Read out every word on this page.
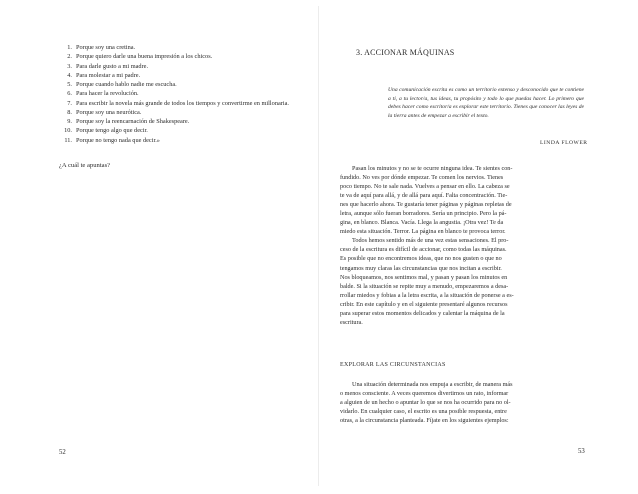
1. Porque soy una cretina.
2. Porque quiero darle una buena impresión a los chicos.
3. Para darle gusto a mi madre.
4. Para molestar a mi padre.
5. Porque cuando hablo nadie me escucha.
6. Para hacer la revolución.
7. Para escribir la novela más grande de todos los tiempos y convertirme en millonaria.
8. Porque soy una neurótica.
9. Porque soy la reencarnación de Shakespeare.
10. Porque tengo algo que decir.
11. Porque no tengo nada que decir.»
¿A cuál te apuntas?
52
3. ACCIONAR MÁQUINAS
Una comunicación escrita es como un territorio extenso y desconocido que te contiene a ti, a tu lector/a, tus ideas, tu propósito y todo lo que puedas hacer. Lo primero que debes hacer como escritor/a es explorar este territorio. Tienes que conocer las leyes de la tierra antes de empezar a escribir el texto.
LINDA FLOWER

Pasan los minutos y no se te ocurre ninguna idea. Te sientes con-
fundido. No ves por dónde empezar. Te comen los nervios. Tienes
poco tiempo. No te sale nada. Vuelves a pensar en ello. La cabeza se
te va de aquí para allá, y de allá para aquí. Falta concentración. Tie-
nes que hacerlo ahora. Te gustaría tener páginas y páginas repletas de
letra, aunque sólo fueran borradores. Sería un principio. Pero la pá-
gina, en blanco. Blanca. Vacía. Llega la angustia. ¡Otra vez! Te da
miedo esta situación. Terror. La página en blanco te provoca terror.
Todos hemos sentido más de una vez estas sensaciones. El pro-
ceso de la escritura es difícil de accionar, como todas las máquinas.
Es posible que no encontremos ideas, que no nos gusten o que no
tengamos muy claras las circunstancias que nos incitan a escribir.
Nos bloqueamos, nos sentimos mal, y pasan y pasan los minutos en
balde. Si la situación se repite muy a menudo, empezaremos a desa-
rrollar miedos y fobias a la letra escrita, a la situación de ponerse a es-
cribir. En este capítulo y en el siguiente presentaré algunos recursos
para superar estos momentos delicados y calentar la máquina de la
escritura.

EXPLORAR LAS CIRCUNSTANCIAS

Una situación determinada nos empuja a escribir, de manera más
o menos consciente. A veces queremos divertirnos un rato, informar
a alguien de un hecho o apuntar lo que se nos ha ocurrido para no ol-
vidarlo. En cualquier caso, el escrito es una posible respuesta, entre
otras, a la circunstancia planteada. Fíjate en los siguientes ejemplos:

53
